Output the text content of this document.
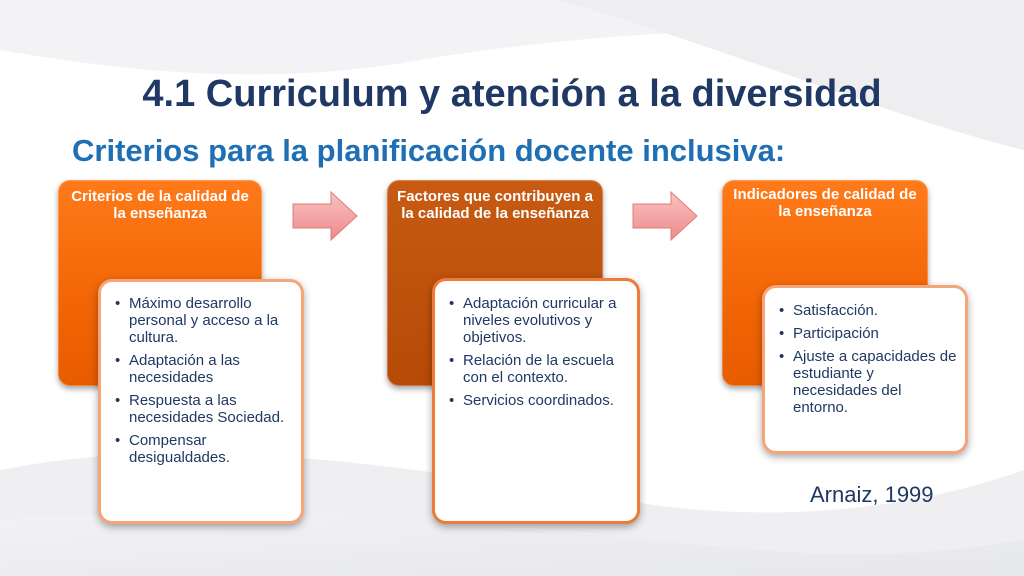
4.1 Curriculum y atención a la diversidad
Criterios para la planificación docente inclusiva:
Criterios de la calidad de la enseñanza
• Máximo desarrollo personal y acceso a la cultura.
• Adaptación a las necesidades
• Respuesta a las necesidades Sociedad.
• Compensar desigualdades.
Factores que contribuyen a la calidad de la enseñanza
• Adaptación curricular a niveles evolutivos y objetivos.
• Relación de la escuela con el contexto.
• Servicios coordinados.
Indicadores de calidad de la enseñanza
• Satisfacción.
• Participación
• Ajuste a capacidades de estudiante y necesidades del entorno.

Arnaiz, 1999
